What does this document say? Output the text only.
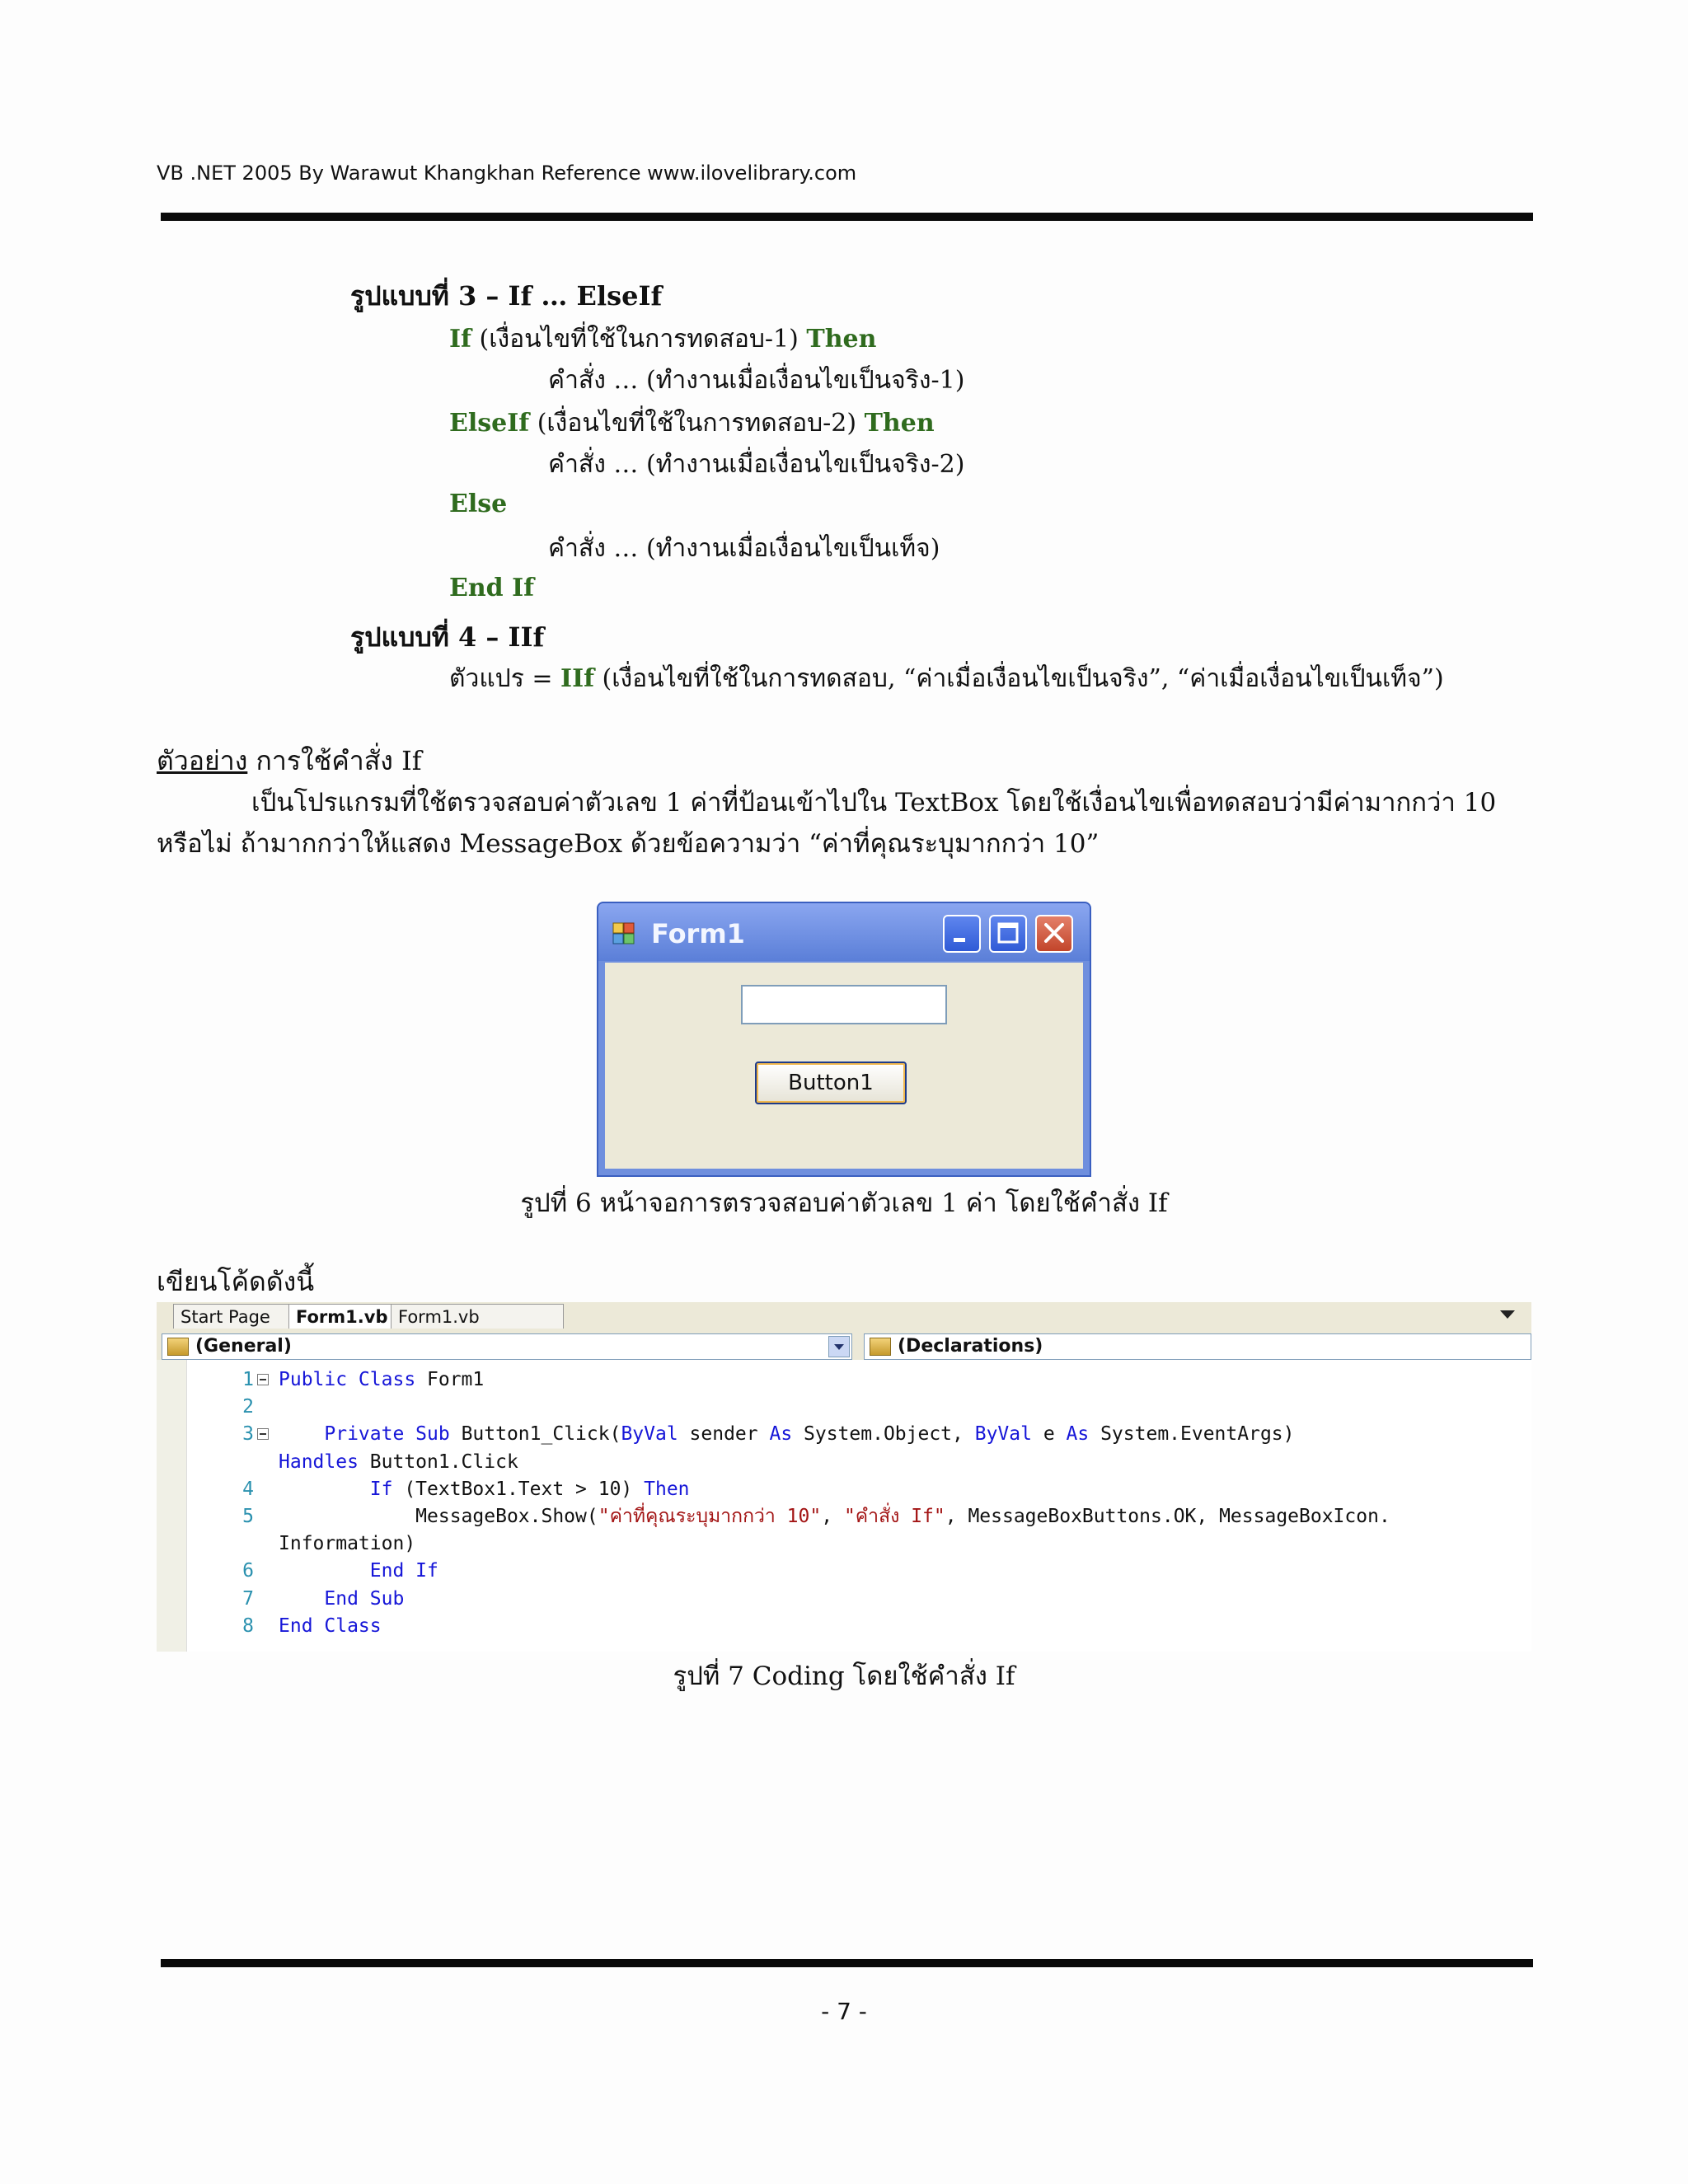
VB .NET 2005 By Warawut Khangkhan Reference www.ilovelibrary.com
รูปแบบที่ 3 – If … ElseIf
If (เงื่อนไขที่ใช้ในการทดสอบ-1) Then
คำสั่ง … (ทำงานเมื่อเงื่อนไขเป็นจริง-1)
ElseIf (เงื่อนไขที่ใช้ในการทดสอบ-2) Then
คำสั่ง … (ทำงานเมื่อเงื่อนไขเป็นจริง-2)
Else
คำสั่ง … (ทำงานเมื่อเงื่อนไขเป็นเท็จ)
End If
รูปแบบที่ 4 – IIf
ตัวแปร = IIf (เงื่อนไขที่ใช้ในการทดสอบ, “ค่าเมื่อเงื่อนไขเป็นจริง”, “ค่าเมื่อเงื่อนไขเป็นเท็จ”)
ตัวอย่าง การใช้คำสั่ง If
เป็นโปรแกรมที่ใช้ตรวจสอบค่าตัวเลข 1 ค่าที่ป้อนเข้าไปใน TextBox โดยใช้เงื่อนไขเพื่อทดสอบว่ามีค่ามากกว่า 10
หรือไม่ ถ้ามากกว่าให้แสดง MessageBox ด้วยข้อความว่า “ค่าที่คุณระบุมากกว่า 10”
Form1
Button1
รูปที่ 6 หน้าจอการตรวจสอบค่าตัวเลข 1 ค่า โดยใช้คำสั่ง If
เขียนโค้ดดังนี้
Start Page	Form1.vb Form1.vb
(General)	(Declarations)
1 Public Class Form1
2
3	Private Sub Button1_Click(ByVal sender As System.Object, ByVal e As System.EventArgs)
Handles Button1.Click
4	If (TextBox1.Text > 10) Then
5 MessageBox.Show("ค่าที่คุณระบุมากกว่า 10", "คำสั่ง If", MessageBoxButtons.OK, MessageBoxIcon.
Information)
6	End If
7	End Sub
8 End Class
รูปที่ 7 Coding โดยใช้คำสั่ง If
- 7 -
